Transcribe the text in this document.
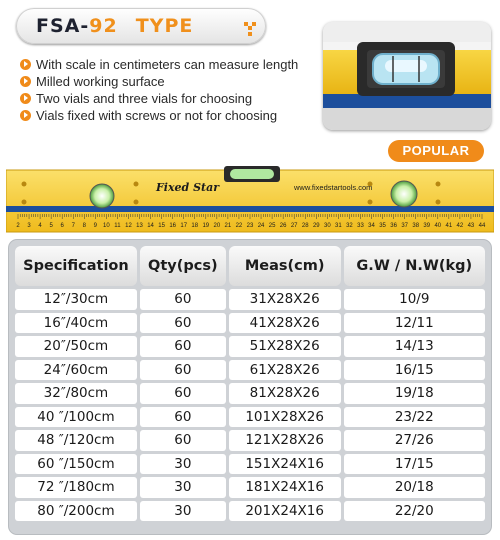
FSA-92 TYPE
With scale in centimeters can measure length
Milled working surface
Two vials and three vials for choosing
Vials fixed with screws or not for choosing
POPULAR
Fixed Star	www.fixedstartools.com
2 3 4 5 6 7 8 9 10 11 12 13 14 15 16 17 18 19 20 21 22 23 24 25 26 27 28 29 30 31 32 33 34 35 36 37 38 39 40 41 42 43 44
Specification	Qty(pcs)	Meas(cm)	G.W / N.W(kg)
12″/30cm	60	31X28X26	10/9
16″/40cm	60	41X28X26	12/11
20″/50cm	60	51X28X26	14/13
24″/60cm	60	61X28X26	16/15
32″/80cm	60	81X28X26	19/18
40 ″/100cm	60	101X28X26	23/22
48 ″/120cm	60	121X28X26	27/26
60 ″/150cm	30	151X24X16	17/15
72 ″/180cm	30	181X24X16	20/18
80 ″/200cm	30	201X24X16	22/20
